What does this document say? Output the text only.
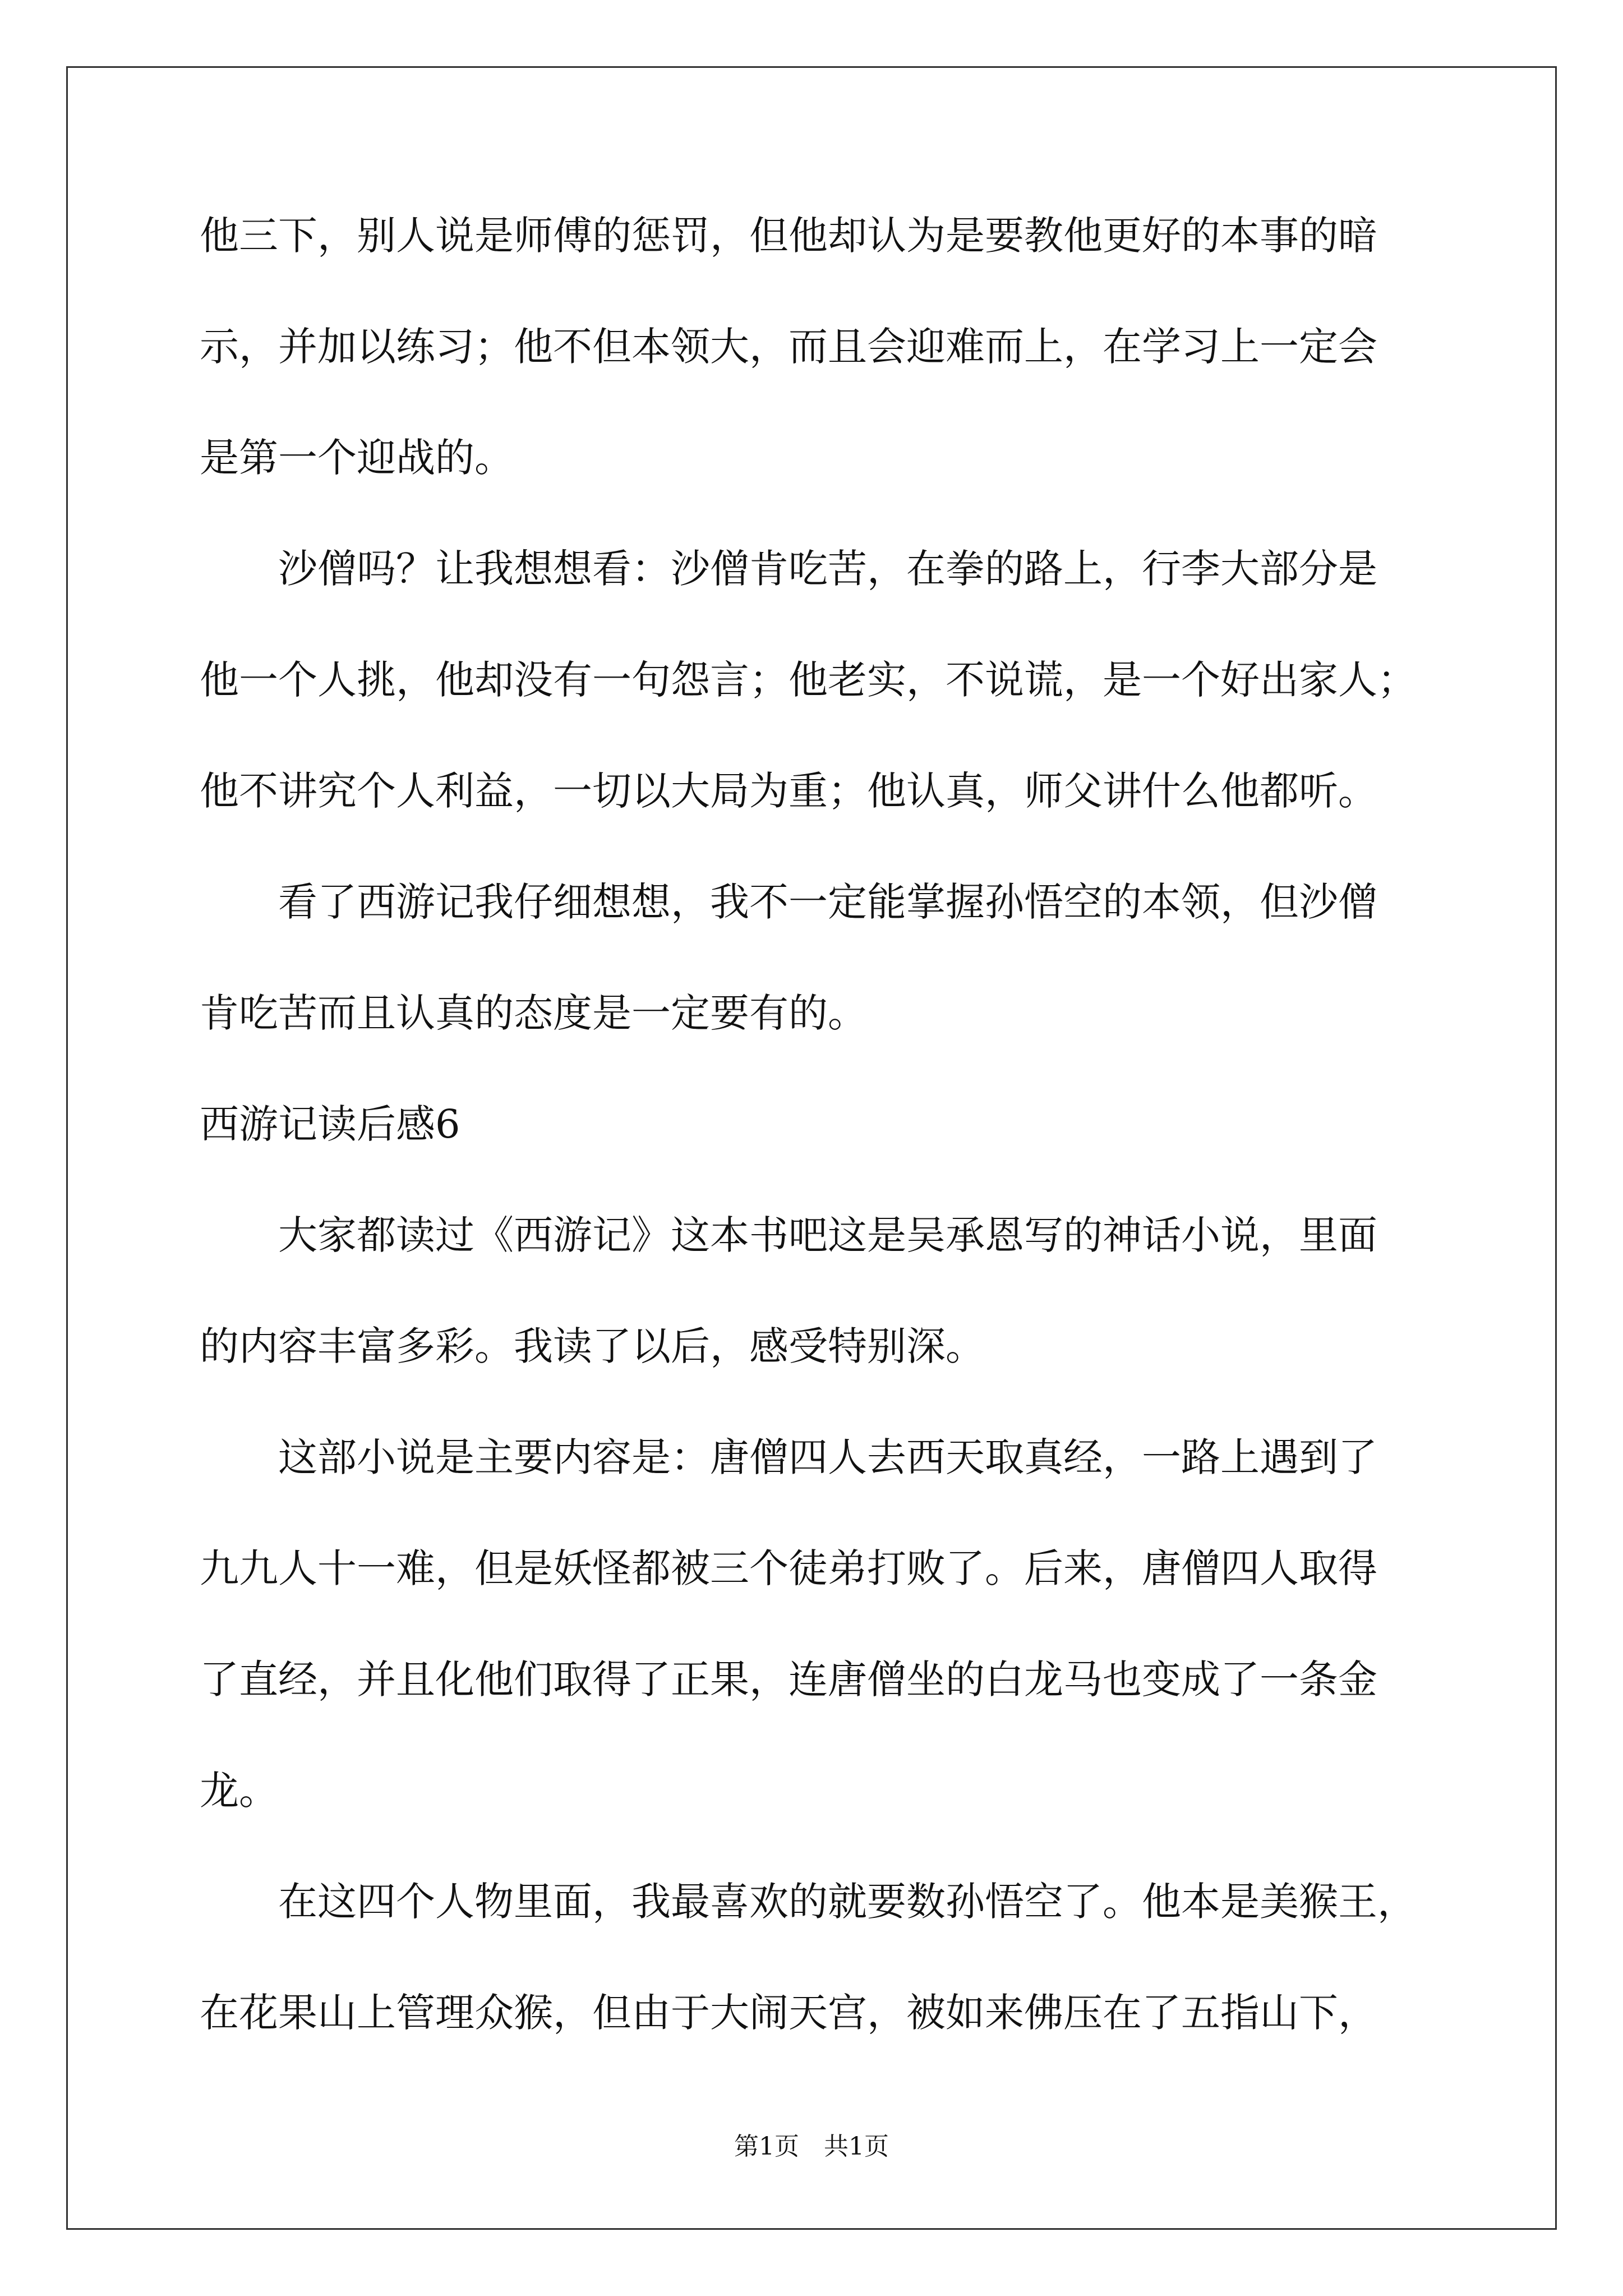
他三下，别人说是师傅的惩罚，但他却认为是要教他更好的本事的暗

示，并加以练习；他不但本领大，而且会迎难而上，在学习上一定会

是第一个迎战的。

　　沙僧吗？让我想想看：沙僧肯吃苦，在拳的路上，行李大部分是

他一个人挑，他却没有一句怨言；他老实，不说谎，是一个好出家人；

他不讲究个人利益，一切以大局为重；他认真，师父讲什么他都听。

　　看了西游记我仔细想想，我不一定能掌握孙悟空的本领，但沙僧

肯吃苦而且认真的态度是一定要有的。

西游记读后感6

　　大家都读过《西游记》这本书吧这是吴承恩写的神话小说，里面

的内容丰富多彩。我读了以后，感受特别深。

　　这部小说是主要内容是：唐僧四人去西天取真经，一路上遇到了

九九人十一难，但是妖怪都被三个徒弟打败了。后来，唐僧四人取得

了直经，并且化他们取得了正果，连唐僧坐的白龙马也变成了一条金

龙。

　　在这四个人物里面，我最喜欢的就要数孙悟空了。他本是美猴王，

在花果山上管理众猴，但由于大闹天宫，被如来佛压在了五指山下，

第1页　共1页
